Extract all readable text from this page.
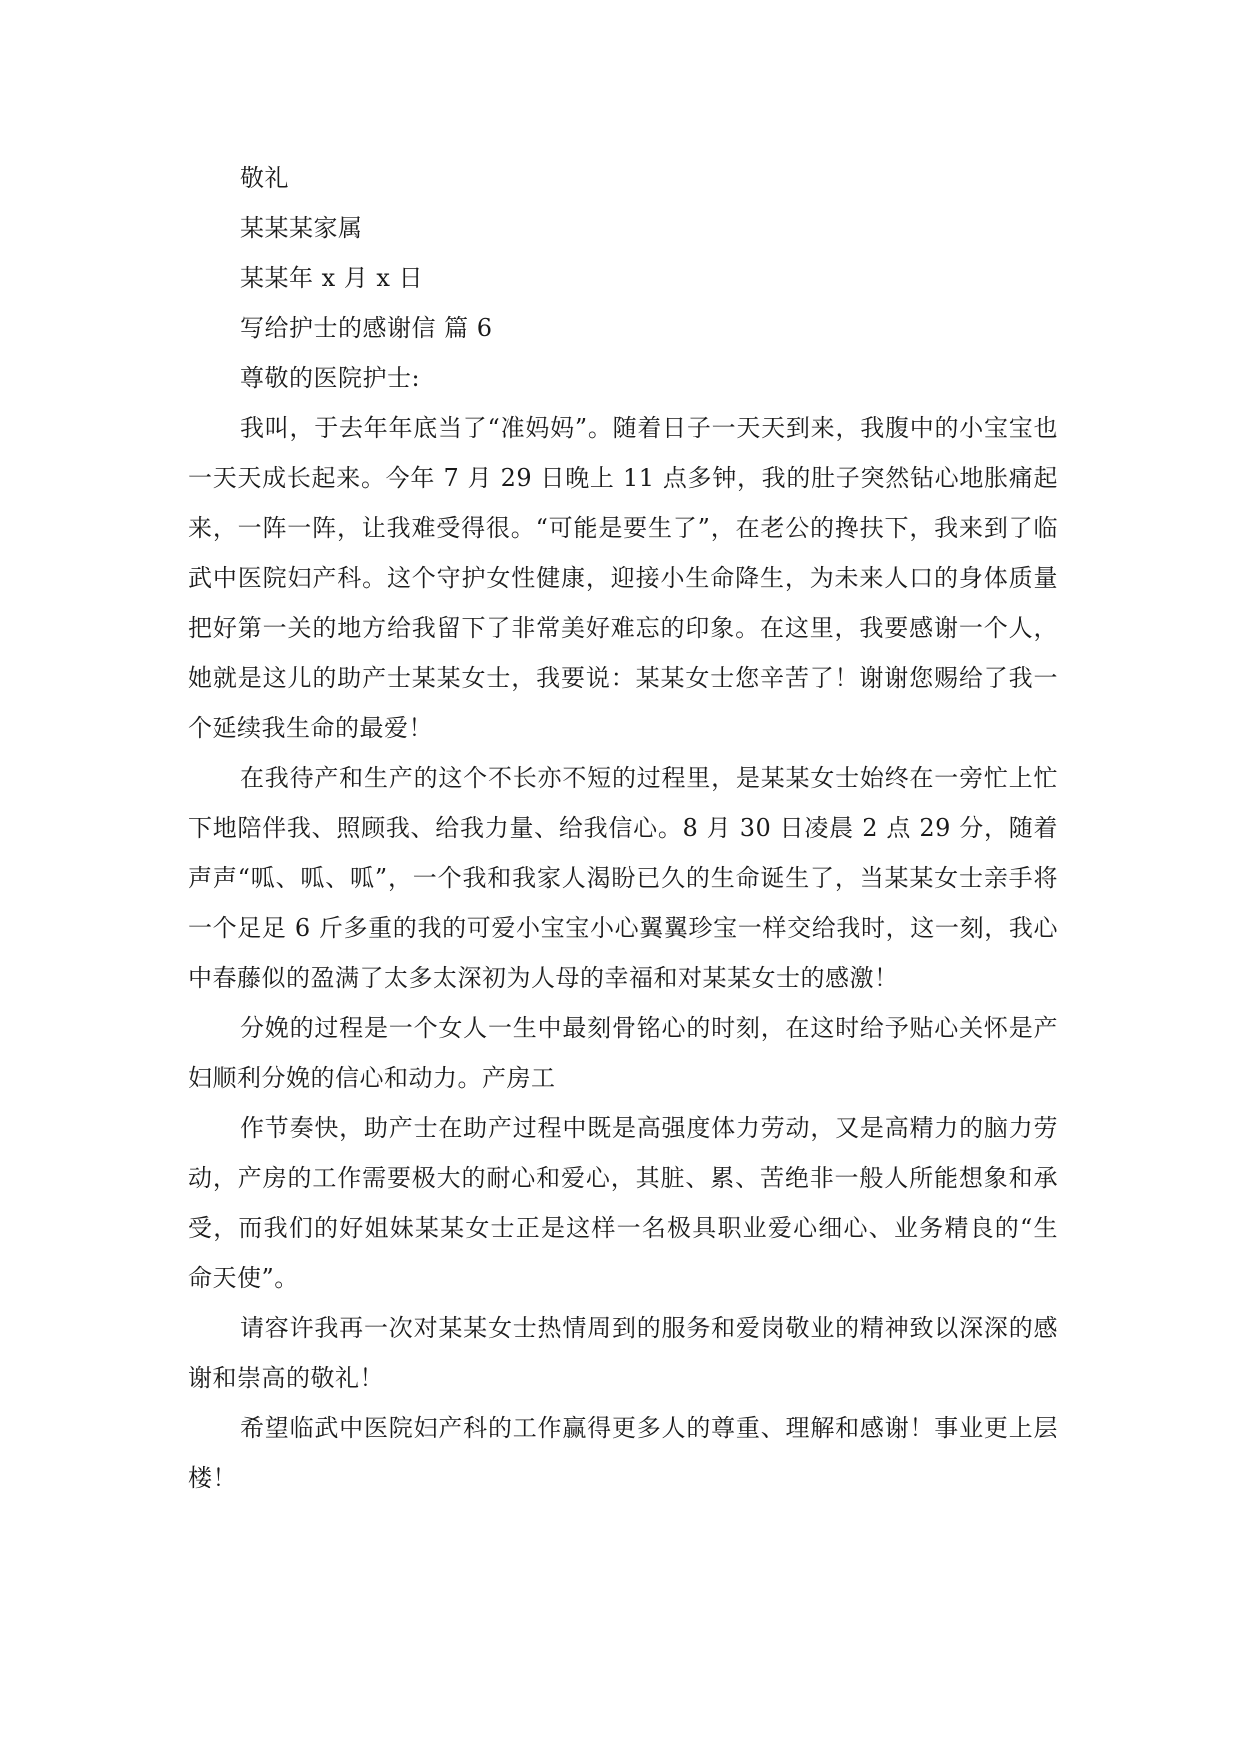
敬礼

某某某家属

某某年 x 月 x 日

写给护士的感谢信 篇 6

尊敬的医院护士:

我叫，于去年年底当了“准妈妈”。随着日子一天天到来，我腹中的小宝宝也一天天成长起来。今年 7 月 29 日晚上 11 点多钟，我的肚子突然钻心地胀痛起来，一阵一阵，让我难受得很。“可能是要生了”，在老公的搀扶下，我来到了临武中医院妇产科。这个守护女性健康，迎接小生命降生，为未来人口的身体质量把好第一关的地方给我留下了非常美好难忘的印象。在这里，我要感谢一个人，她就是这儿的助产士某某女士，我要说：某某女士您辛苦了！谢谢您赐给了我一个延续我生命的最爱！

在我待产和生产的这个不长亦不短的过程里，是某某女士始终在一旁忙上忙下地陪伴我、照顾我、给我力量、给我信心。8 月 30 日凌晨 2 点 29 分，随着声声“呱、呱、呱”，一个我和我家人渴盼已久的生命诞生了，当某某女士亲手将一个足足 6 斤多重的我的可爱小宝宝小心翼翼珍宝一样交给我时，这一刻，我心中春藤似的盈满了太多太深初为人母的幸福和对某某女士的感激！

分娩的过程是一个女人一生中最刻骨铭心的时刻，在这时给予贴心关怀是产妇顺利分娩的信心和动力。产房工

作节奏快，助产士在助产过程中既是高强度体力劳动，又是高精力的脑力劳动，产房的工作需要极大的耐心和爱心，其脏、累、苦绝非一般人所能想象和承受，而我们的好姐妹某某女士正是这样一名极具职业爱心细心、业务精良的“生命天使”。

请容许我再一次对某某女士热情周到的服务和爱岗敬业的精神致以深深的感谢和崇高的敬礼！

希望临武中医院妇产科的工作赢得更多人的尊重、理解和感谢！事业更上层楼！
